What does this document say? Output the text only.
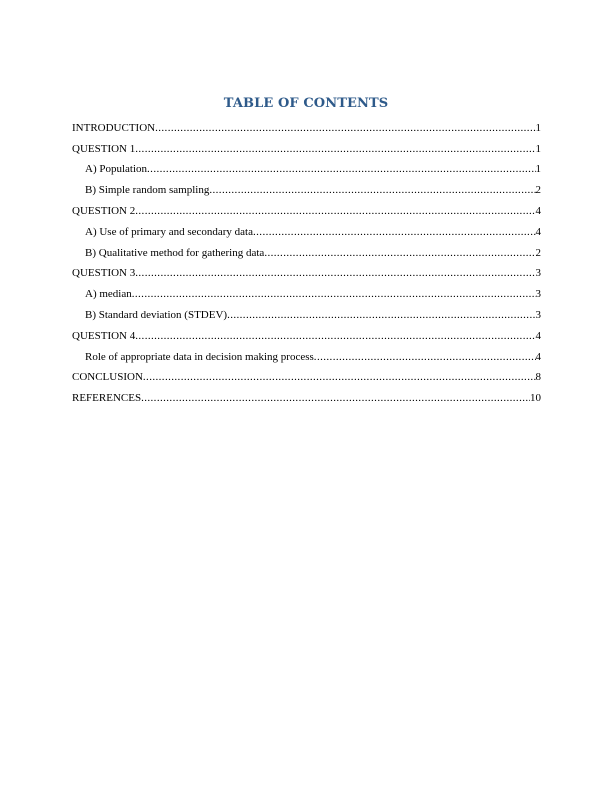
TABLE OF CONTENTS
INTRODUCTION .....	1
QUESTION 1 .....	1
A) Population .....	1
B) Simple random sampling .....	2
QUESTION 2 .....	4
A) Use of primary and secondary data .....	4
B) Qualitative method for gathering data .....	2
QUESTION 3 .....	3
A) median .....	3
B) Standard deviation (STDEV) .....	3
QUESTION 4 .....	4
Role of appropriate data in decision making process .....	4
CONCLUSION .....	8
REFERENCES .....	10
